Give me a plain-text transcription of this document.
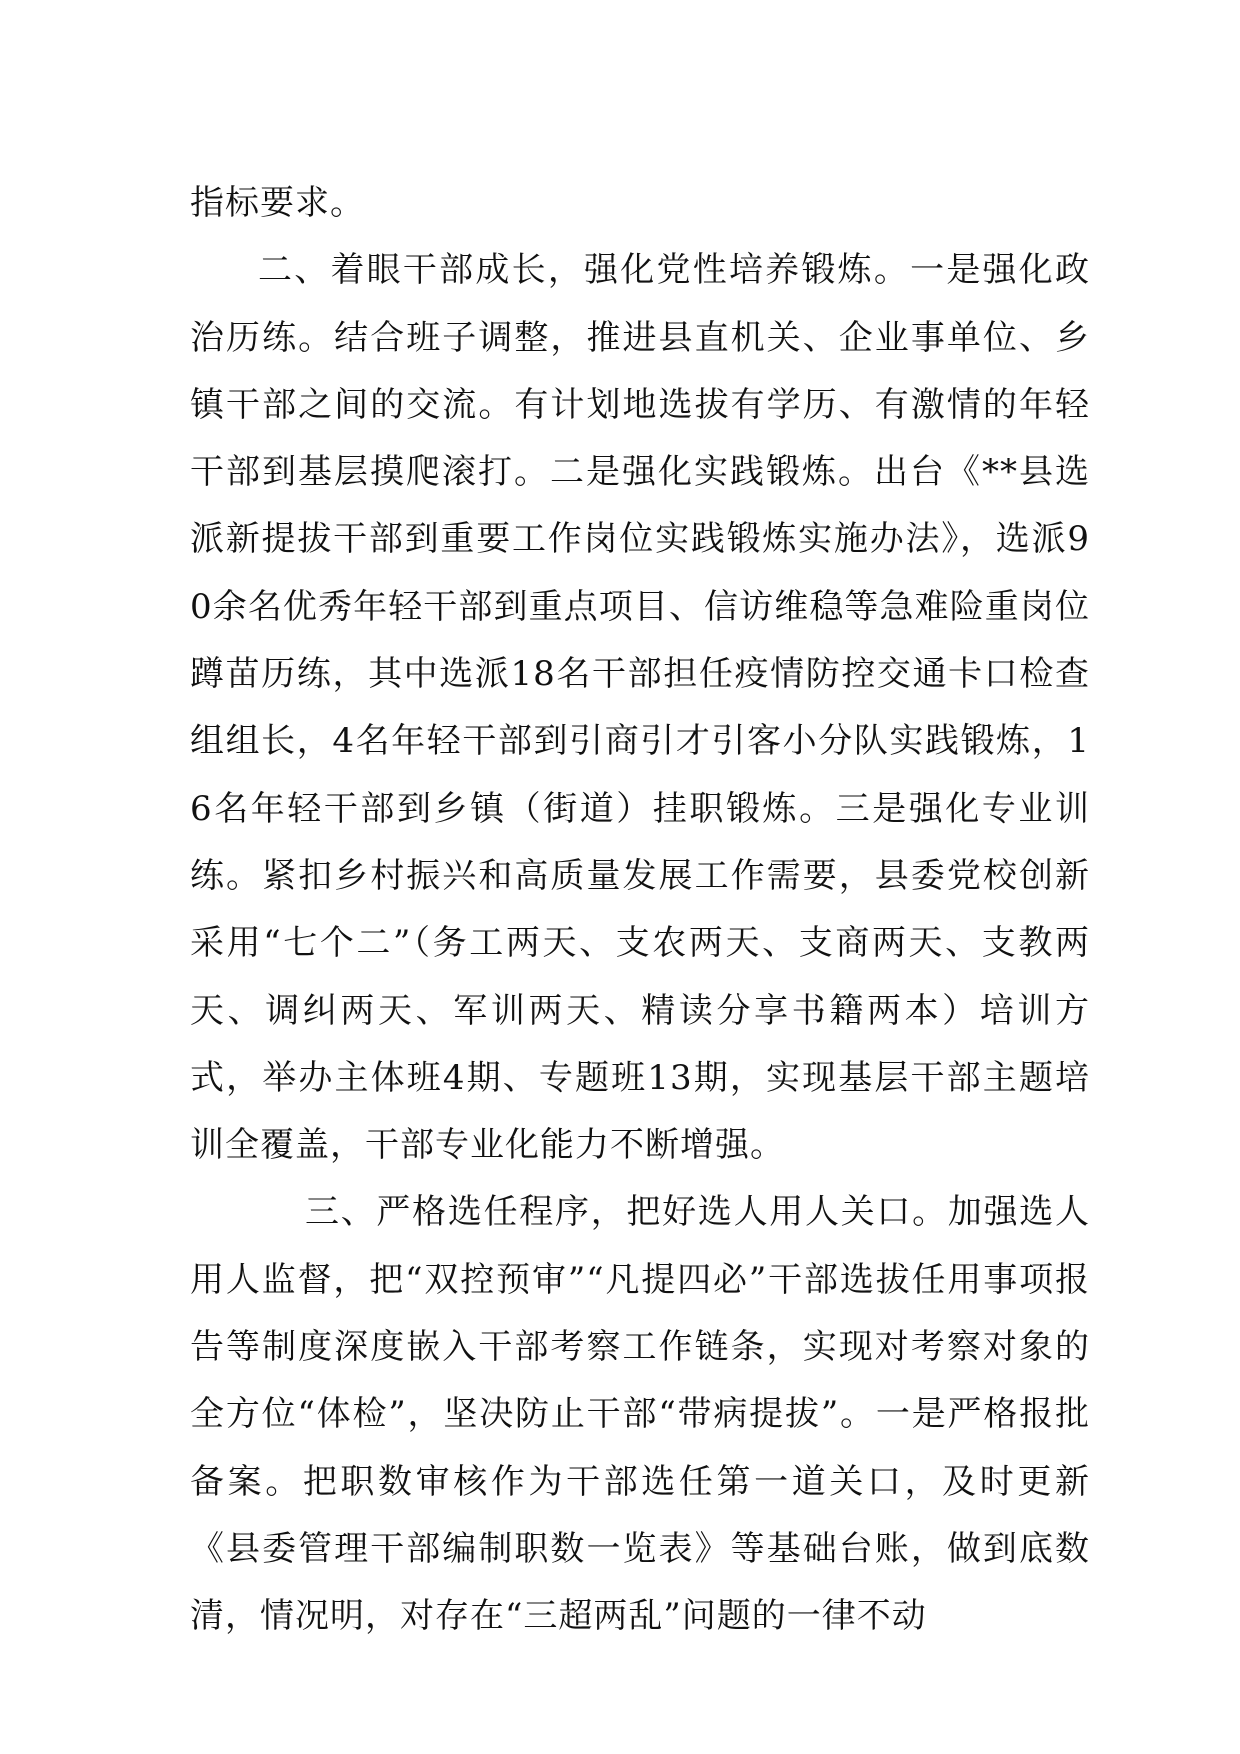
指标要求。

二、着眼干部成长，强化党性培养锻炼。一是强化政治历练。结合班子调整，推进县直机关、企业事单位、乡镇干部之间的交流。有计划地选拔有学历、有激情的年轻干部到基层摸爬滚打。二是强化实践锻炼。出台《**县选派新提拔干部到重要工作岗位实践锻炼实施办法》，选派90余名优秀年轻干部到重点项目、信访维稳等急难险重岗位蹲苗历练，其中选派18名干部担任疫情防控交通卡口检查组组长，4名年轻干部到引商引才引客小分队实践锻炼，16名年轻干部到乡镇（街道）挂职锻炼。三是强化专业训练。紧扣乡村振兴和高质量发展工作需要，县委党校创新采用“七个二”（务工两天、支农两天、支商两天、支教两天、调纠两天、军训两天、精读分享书籍两本）培训方式，举办主体班4期、专题班13期，实现基层干部主题培训全覆盖，干部专业化能力不断增强。

三、严格选任程序，把好选人用人关口。加强选人用人监督，把“双控预审”“凡提四必”干部选拔任用事项报告等制度深度嵌入干部考察工作链条，实现对考察对象的全方位“体检”，坚决防止干部“带病提拔”。一是严格报批备案。把职数审核作为干部选任第一道关口，及时更新《县委管理干部编制职数一览表》等基础台账，做到底数清，情况明，对存在“三超两乱”问题的一律不动
